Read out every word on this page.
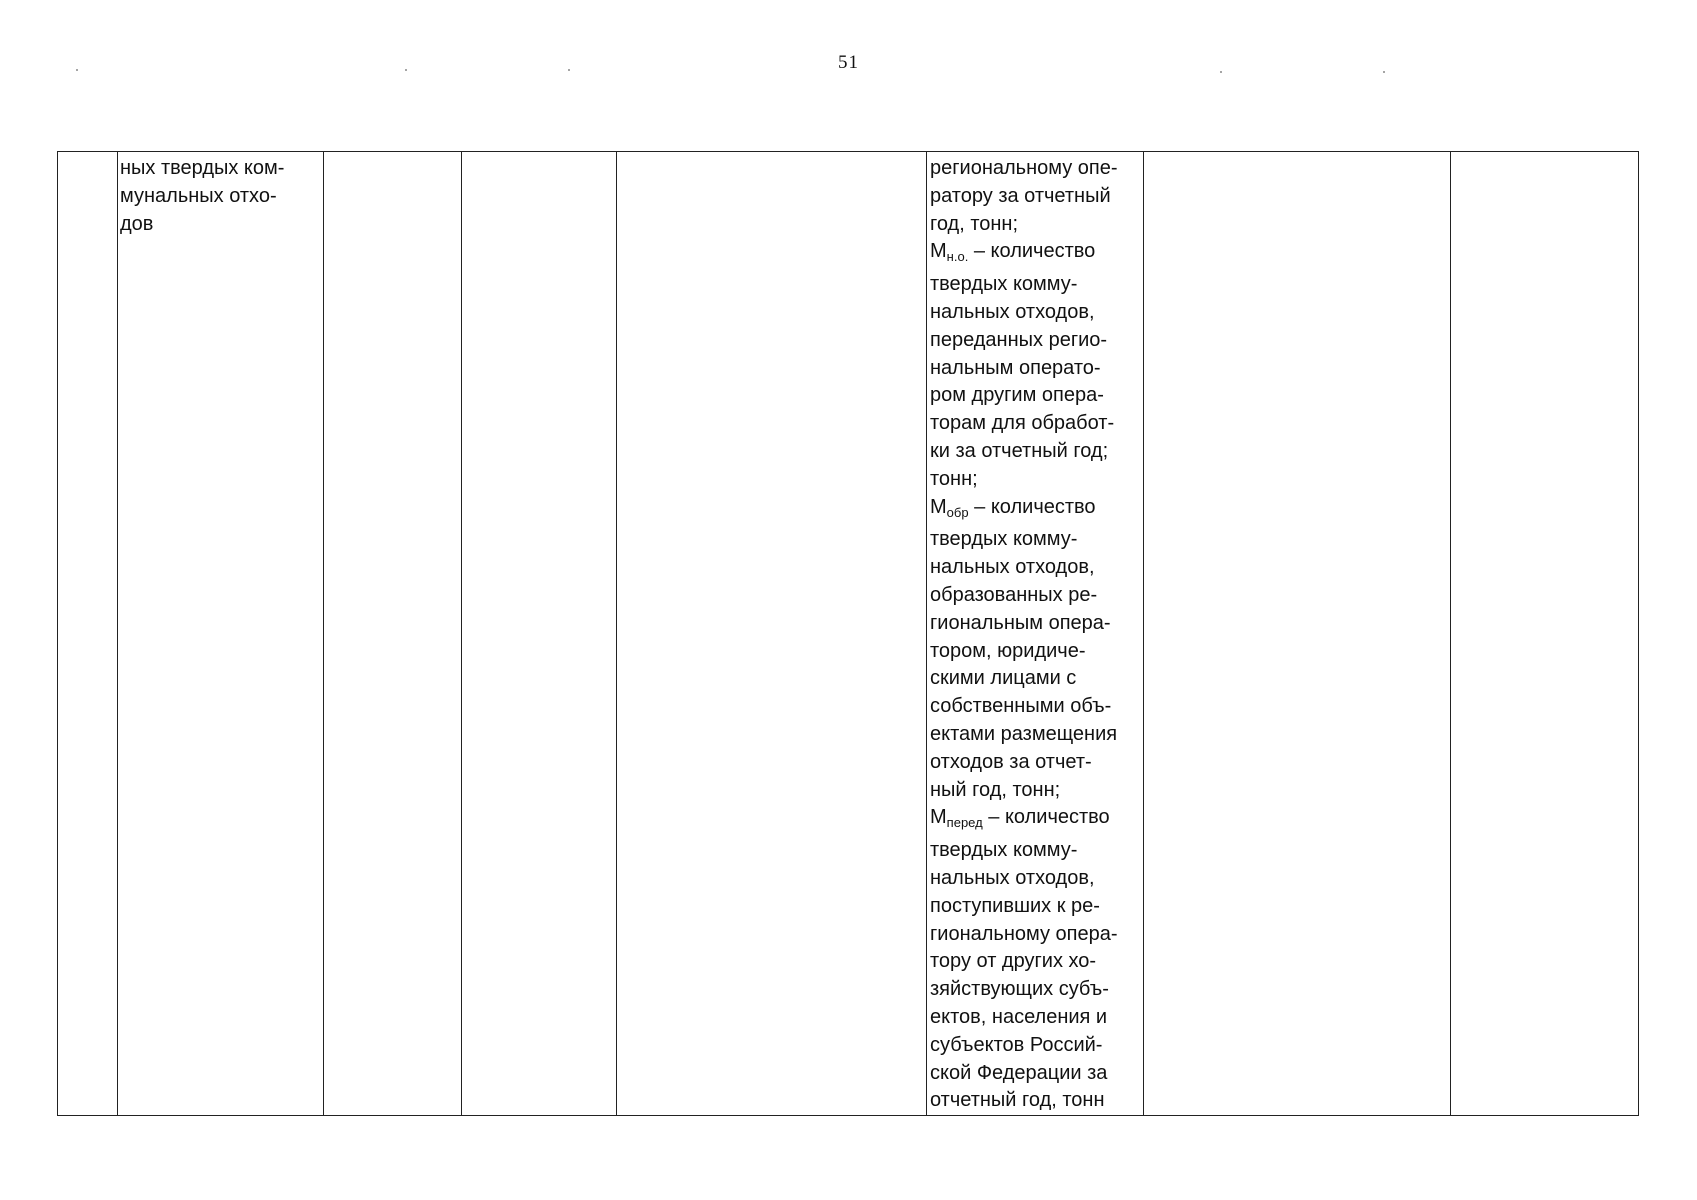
51

ных твердых ком-
мунальных отхо-
дов

региональному опе-
ратору за отчетный
год, тонн;
$М_{н.о.}$ – количество
твердых комму-
нальных отходов,
переданных регио-
нальным операто-
ром другим опера-
торам для обработ-
ки за отчетный год;
тонн;
$М_{обр}$ – количество
твердых комму-
нальных отходов,
образованных ре-
гиональным опера-
тором, юридиче-
скими лицами с
собственными объ-
ектами размещения
отходов за отчет-
ный год, тонн;
$М_{перед}$ – количество
твердых комму-
нальных отходов,
поступивших к ре-
гиональному опера-
тору от других хо-
зяйствующих субъ-
ектов, населения и
субъектов Россий-
ской Федерации за
отчетный год, тонн
